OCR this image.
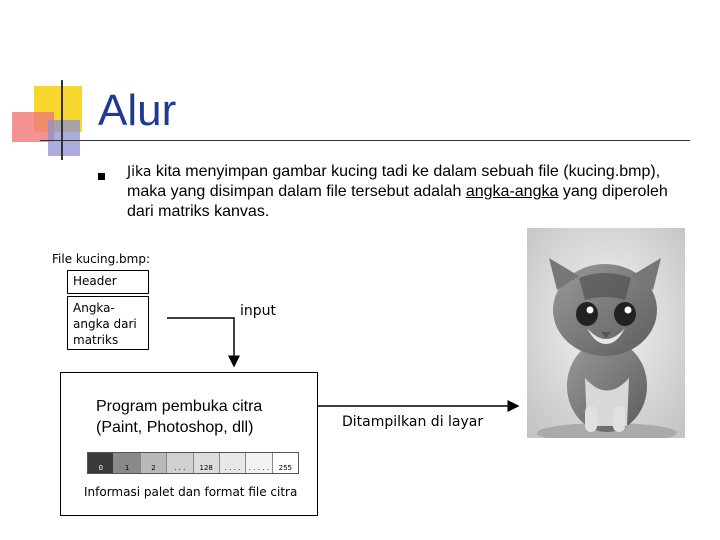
Alur
Jika kita menyimpan gambar kucing tadi ke dalam sebuah file (kucing.bmp), maka yang disimpan dalam file tersebut adalah angka-angka yang diperoleh dari matriks kanvas.
File kucing.bmp:
Header
Angka-angka dari matriks
input
Program pembuka citra
(Paint, Photoshop, dll)
0	1	2	. . .	128	. . . .	. . . . .	255
Informasi palet dan format file citra
Ditampilkan di layar
